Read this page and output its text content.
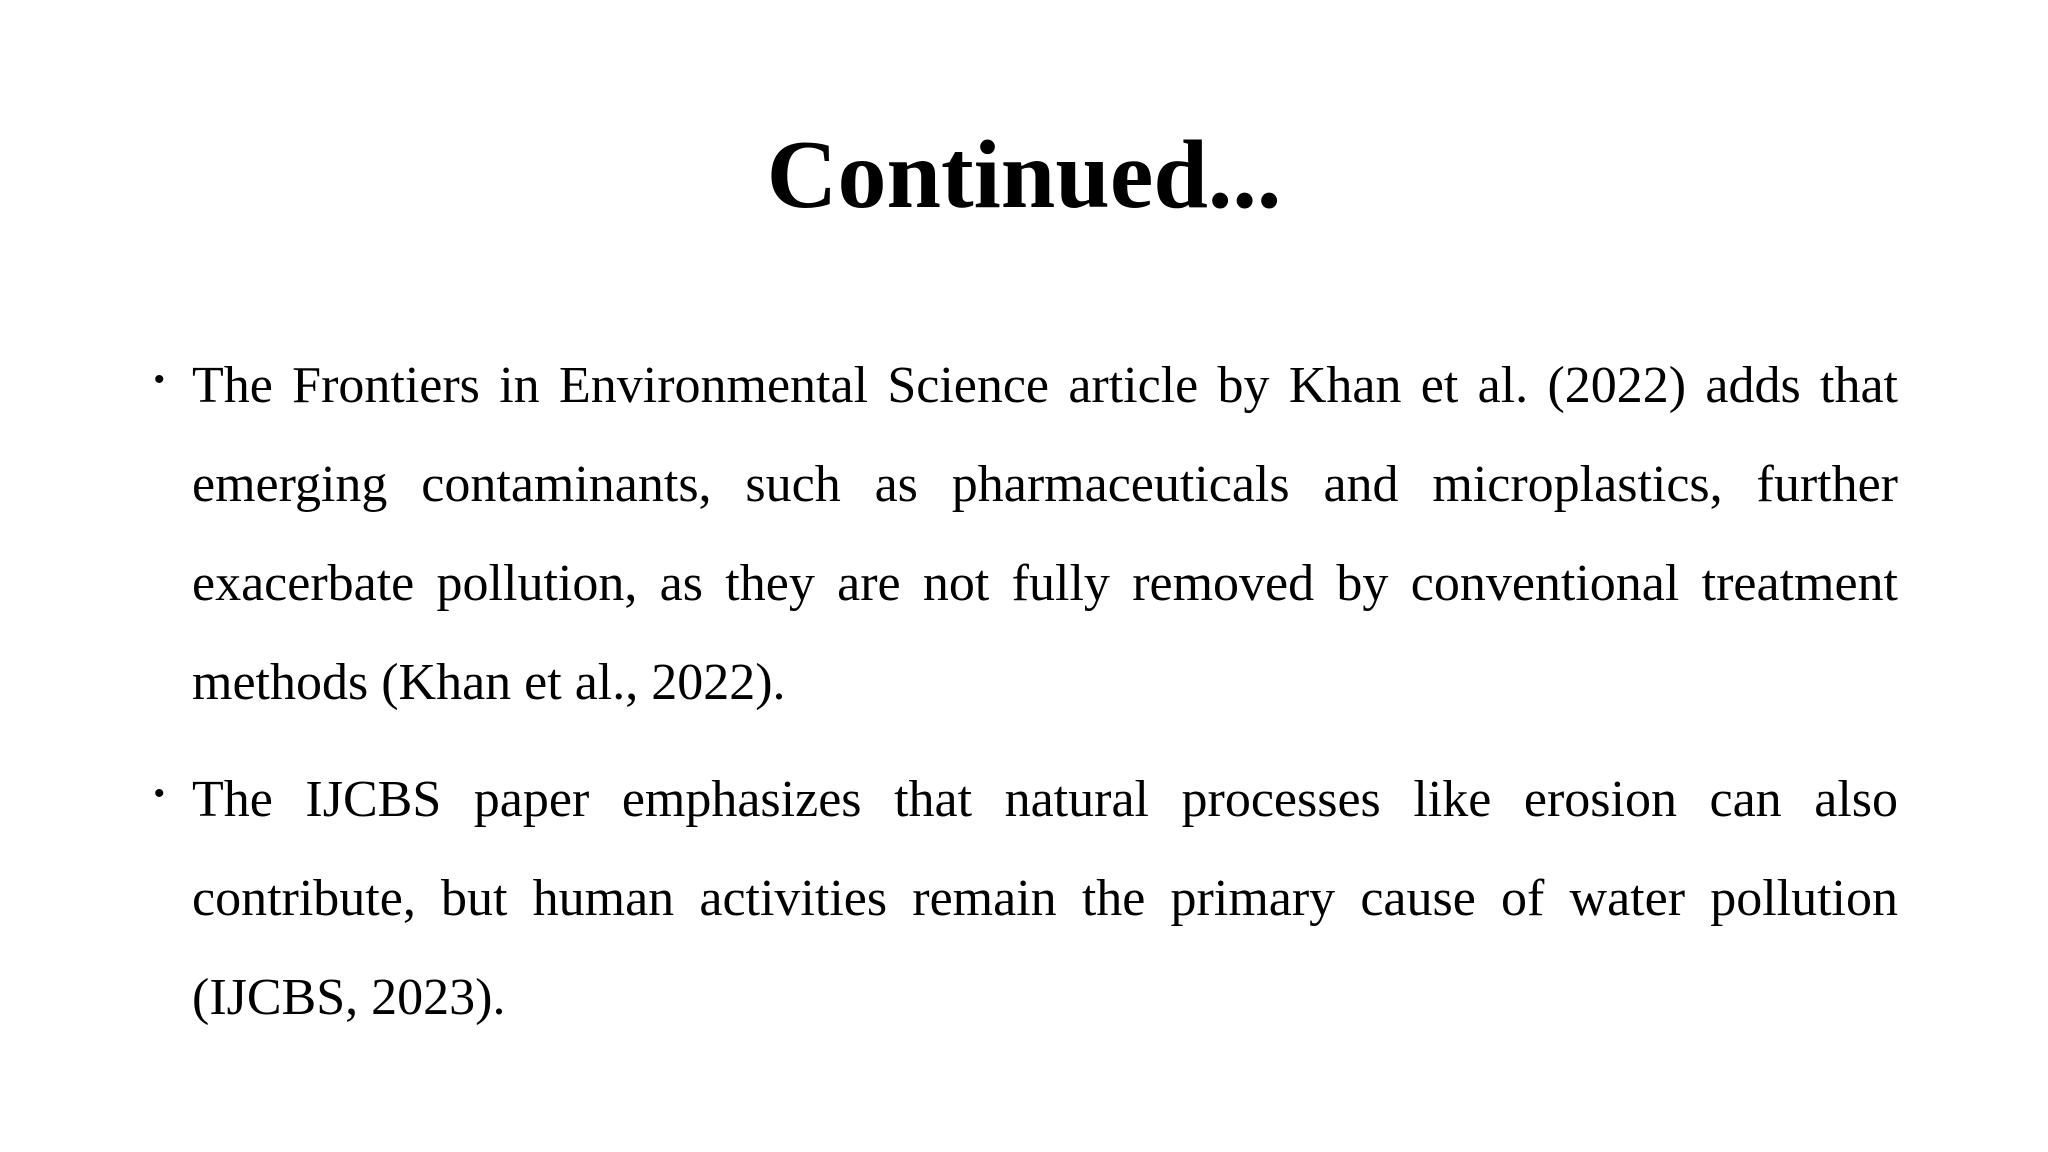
Continued...
• The Frontiers in Environmental Science article by Khan et al. (2022) adds that emerging contaminants, such as pharmaceuticals and microplastics, further exacerbate pollution, as they are not fully removed by conventional treatment methods (Khan et al., 2022).
• The IJCBS paper emphasizes that natural processes like erosion can also contribute, but human activities remain the primary cause of water pollution (IJCBS, 2023).
